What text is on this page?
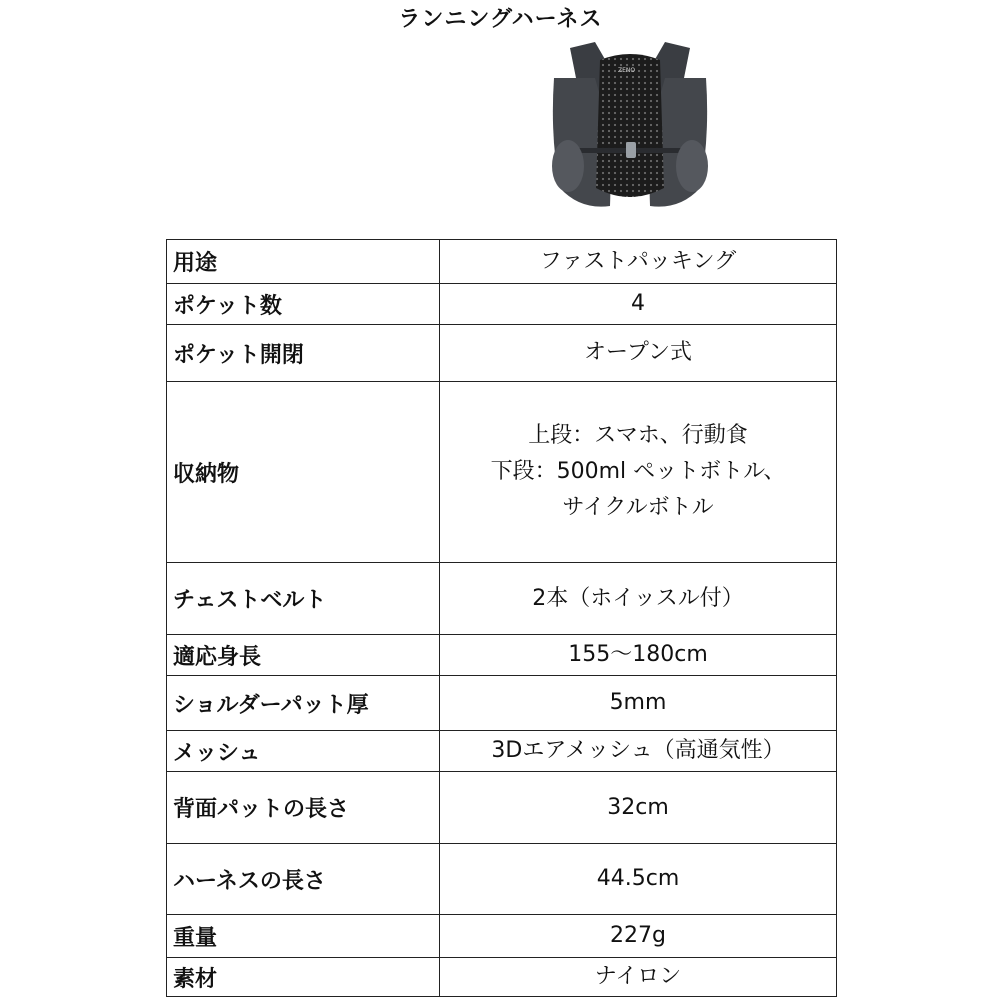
ランニングハーネス
ZENO
用途	ファストパッキング

ポケット数	4

ポケット開閉	オープン式

収納物	上段：スマホ、行動食
下段：500ml ペットボトル、
サイクルボトル

チェストベルト	2本（ホイッスル付）

適応身長	155〜180cm

ショルダーパット厚	5mm

メッシュ	3Dエアメッシュ（高通気性）

背面パットの長さ	32cm

ハーネスの長さ	44.5cm

重量	227g

素材	ナイロン
